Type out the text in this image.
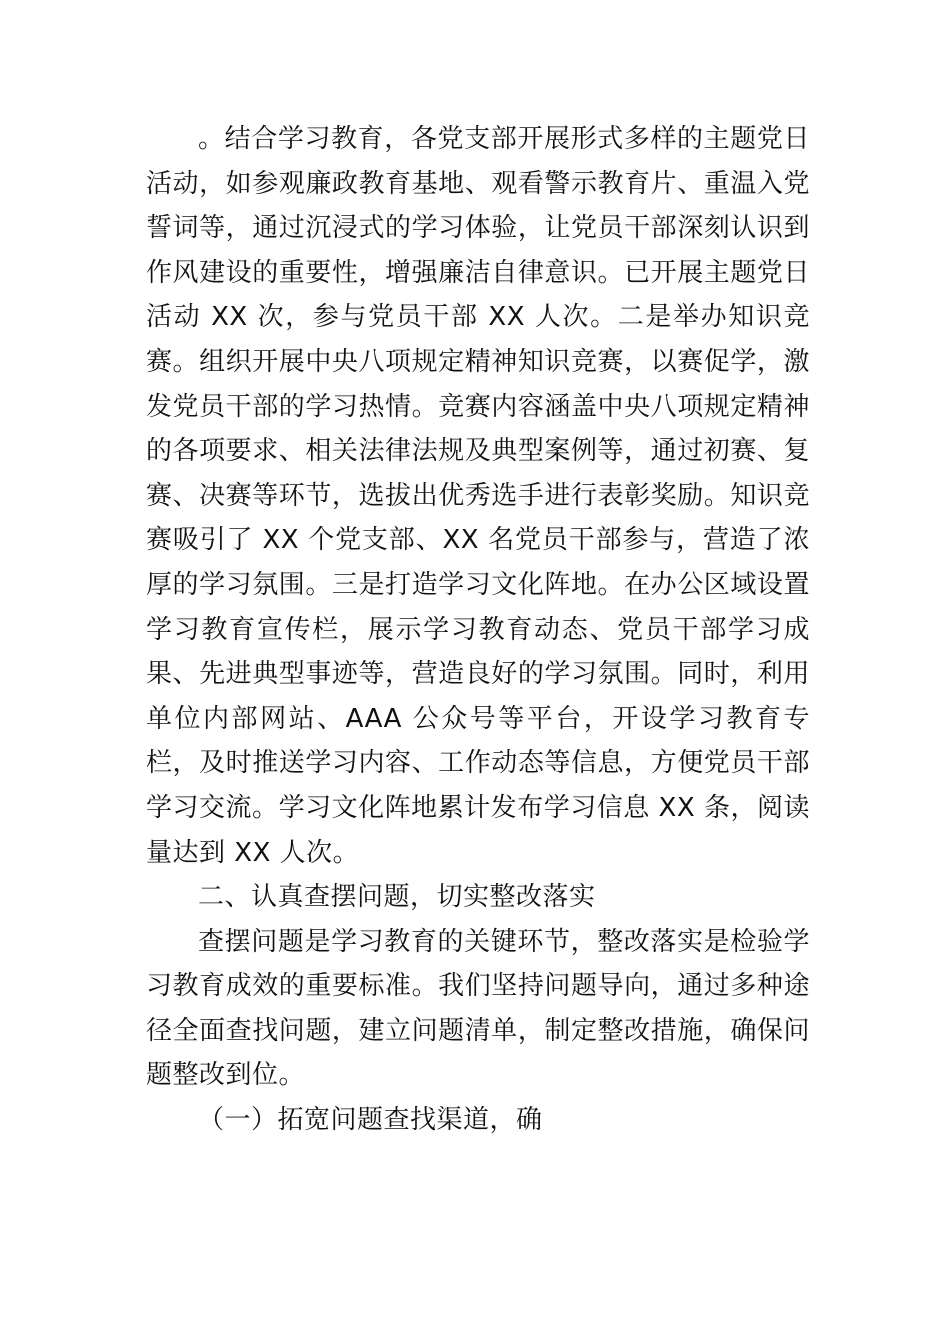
。结合学习教育，各党支部开展形式多样的主题党日活动，如参观廉政教育基地、观看警示教育片、重温入党誓词等，通过沉浸式的学习体验，让党员干部深刻认识到作风建设的重要性，增强廉洁自律意识。已开展主题党日活动 XX 次，参与党员干部 XX 人次。二是举办知识竞赛。组织开展中央八项规定精神知识竞赛，以赛促学，激发党员干部的学习热情。竞赛内容涵盖中央八项规定精神的各项要求、相关法律法规及典型案例等，通过初赛、复赛、决赛等环节，选拔出优秀选手进行表彰奖励。知识竞赛吸引了 XX 个党支部、XX 名党员干部参与，营造了浓厚的学习氛围。三是打造学习文化阵地。在办公区域设置学习教育宣传栏，展示学习教育动态、党员干部学习成果、先进典型事迹等，营造良好的学习氛围。同时，利用单位内部网站、AAA 公众号等平台，开设学习教育专栏，及时推送学习内容、工作动态等信息，方便党员干部学习交流。学习文化阵地累计发布学习信息 XX 条，阅读量达到 XX 人次。

二、认真查摆问题，切实整改落实

查摆问题是学习教育的关键环节，整改落实是检验学习教育成效的重要标准。我们坚持问题导向，通过多种途径全面查找问题，建立问题清单，制定整改措施，确保问题整改到位。

（一）拓宽问题查找渠道，确
